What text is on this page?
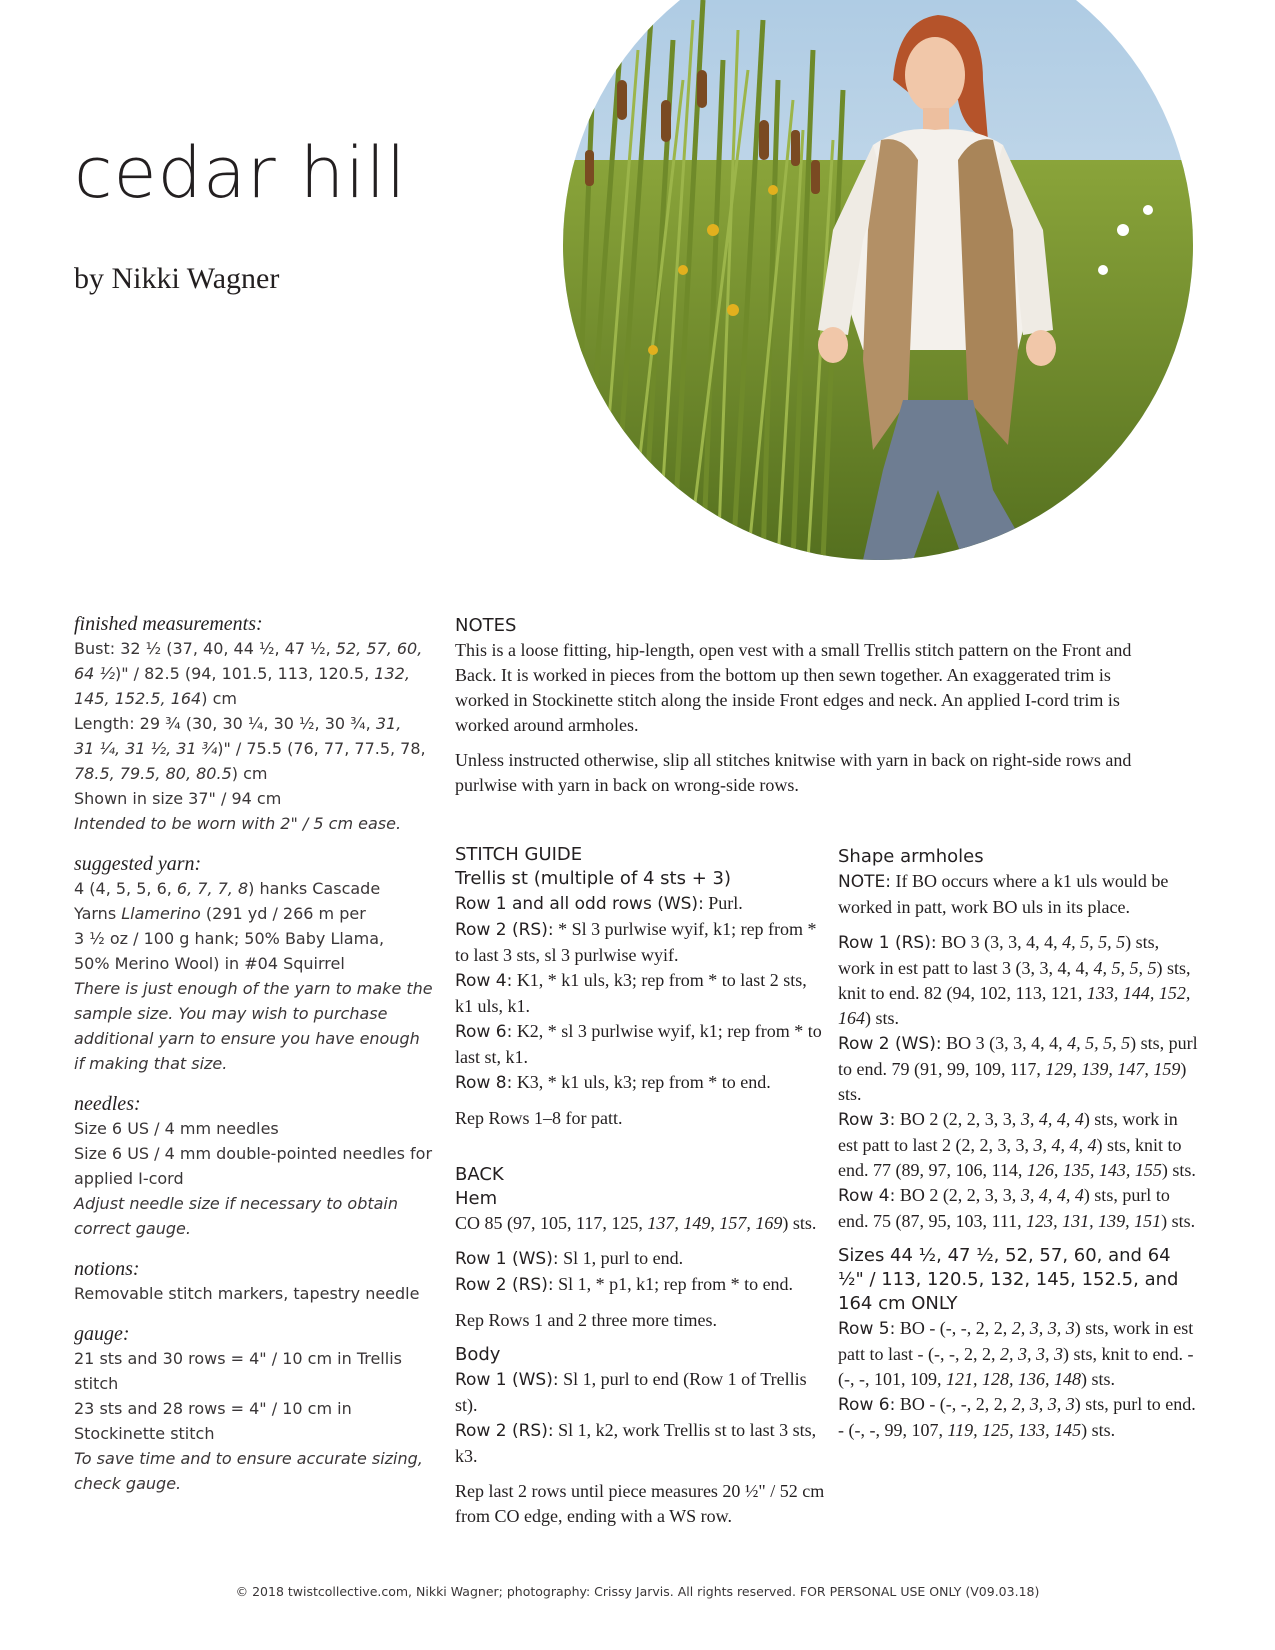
cedar hill
by Nikki Wagner
finished measurements:
Bust: 32 ½ (37, 40, 44 ½, 47 ½, 52, 57, 60,
64 ½)" / 82.5 (94, 101.5, 113, 120.5, 132,
145, 152.5, 164) cm
Length: 29 ¾ (30, 30 ¼, 30 ½, 30 ¾, 31,
31 ¼, 31 ½, 31 ¾)" / 75.5 (76, 77, 77.5, 78,
78.5, 79.5, 80, 80.5) cm
Shown in size 37" / 94 cm
Intended to be worn with 2" / 5 cm ease.
suggested yarn:
4 (4, 5, 5, 6, 6, 7, 7, 8) hanks Cascade
Yarns Llamerino (291 yd / 266 m per
3 ½ oz / 100 g hank; 50% Baby Llama,
50% Merino Wool) in #04 Squirrel
There is just enough of the yarn to make the sample size. You may wish to purchase additional yarn to ensure you have enough if making that size.
needles:
Size 6 US / 4 mm needles
Size 6 US / 4 mm double-pointed needles for applied I-cord
Adjust needle size if necessary to obtain correct gauge.
notions:
Removable stitch markers, tapestry needle
gauge:
21 sts and 30 rows = 4" / 10 cm in Trellis stitch
23 sts and 28 rows = 4" / 10 cm in Stockinette stitch
To save time and to ensure accurate sizing, check gauge.
NOTES
This is a loose fitting, hip-length, open vest with a small Trellis stitch pattern on the Front and Back. It is worked in pieces from the bottom up then sewn together. An exaggerated trim is worked in Stockinette stitch along the inside Front edges and neck. An applied I-cord trim is worked around armholes.
Unless instructed otherwise, slip all stitches knitwise with yarn in back on right-side rows and purlwise with yarn in back on wrong-side rows.
STITCH GUIDE
Trellis st (multiple of 4 sts + 3)
Row 1 and all odd rows (WS): Purl.
Row 2 (RS): * Sl 3 purlwise wyif, k1; rep from * to last 3 sts, sl 3 purlwise wyif.
Row 4: K1, * k1 uls, k3; rep from * to last 2 sts, k1 uls, k1.
Row 6: K2, * sl 3 purlwise wyif, k1; rep from * to last st, k1.
Row 8: K3, * k1 uls, k3; rep from * to end.
Rep Rows 1–8 for patt.
BACK
Hem
CO 85 (97, 105, 117, 125, 137, 149, 157, 169) sts.
Row 1 (WS): Sl 1, purl to end.
Row 2 (RS): Sl 1, * p1, k1; rep from * to end.
Rep Rows 1 and 2 three more times.
Body
Row 1 (WS): Sl 1, purl to end (Row 1 of Trellis st).
Row 2 (RS): Sl 1, k2, work Trellis st to last 3 sts, k3.
Rep last 2 rows until piece measures 20 ½" / 52 cm from CO edge, ending with a WS row.
Shape armholes
NOTE: If BO occurs where a k1 uls would be worked in patt, work BO uls in its place.
Row 1 (RS): BO 3 (3, 3, 4, 4, 4, 5, 5, 5) sts, work in est patt to last 3 (3, 3, 4, 4, 4, 5, 5, 5) sts, knit to end. 82 (94, 102, 113, 121, 133, 144, 152, 164) sts.
Row 2 (WS): BO 3 (3, 3, 4, 4, 4, 5, 5, 5) sts, purl to end. 79 (91, 99, 109, 117, 129, 139, 147, 159) sts.
Row 3: BO 2 (2, 2, 3, 3, 3, 4, 4, 4) sts, work in est patt to last 2 (2, 2, 3, 3, 3, 4, 4, 4) sts, knit to end. 77 (89, 97, 106, 114, 126, 135, 143, 155) sts.
Row 4: BO 2 (2, 2, 3, 3, 3, 4, 4, 4) sts, purl to end. 75 (87, 95, 103, 111, 123, 131, 139, 151) sts.
Sizes 44 ½, 47 ½, 52, 57, 60, and 64 ½" / 113, 120.5, 132, 145, 152.5, and 164 cm ONLY
Row 5: BO - (-, -, 2, 2, 2, 3, 3, 3) sts, work in est patt to last - (-, -, 2, 2, 2, 3, 3, 3) sts, knit to end. - (-, -, 101, 109, 121, 128, 136, 148) sts.
Row 6: BO - (-, -, 2, 2, 2, 3, 3, 3) sts, purl to end. - (-, -, 99, 107, 119, 125, 133, 145) sts.
© 2018 twistcollective.com, Nikki Wagner; photography: Crissy Jarvis. All rights reserved. FOR PERSONAL USE ONLY (V09.03.18)
